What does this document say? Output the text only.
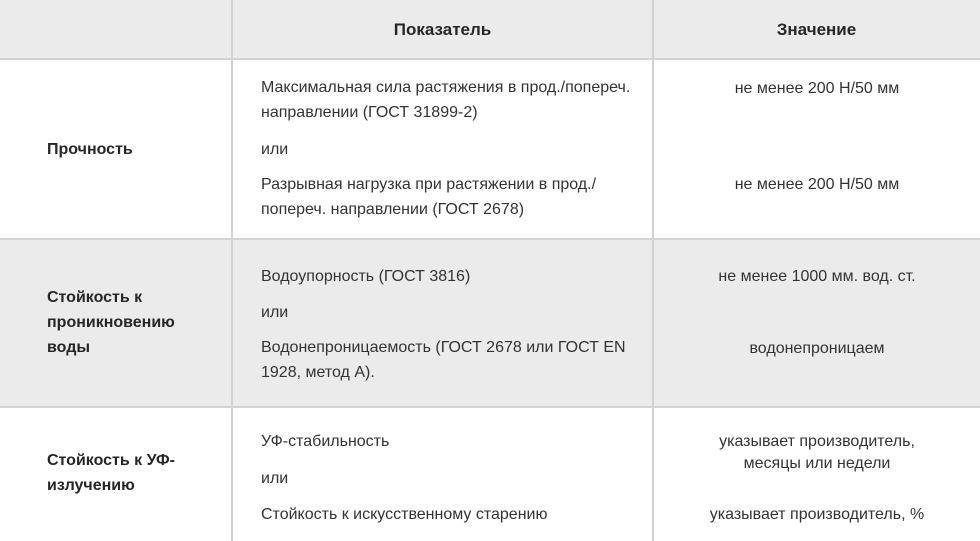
Показатель	Значение
Прочность
Максимальная сила растяжения в прод./попереч. направлении (ГОСТ 31899-2)
или
Разрывная нагрузка при растяжении в прод./попереч. направлении (ГОСТ 2678)
не менее 200 Н/50 мм
не менее 200 Н/50 мм
Стойкость к проникновению воды
Водоупорность (ГОСТ 3816)
или
Водонепроницаемость (ГОСТ 2678 или ГОСТ EN 1928, метод А).
не менее 1000 мм. вод. ст.
водонепроницаем
Стойкость к УФ-излучению
УФ-стабильность
или
Стойкость к искусственному старению
указывает производитель, месяцы или недели
указывает производитель, %
